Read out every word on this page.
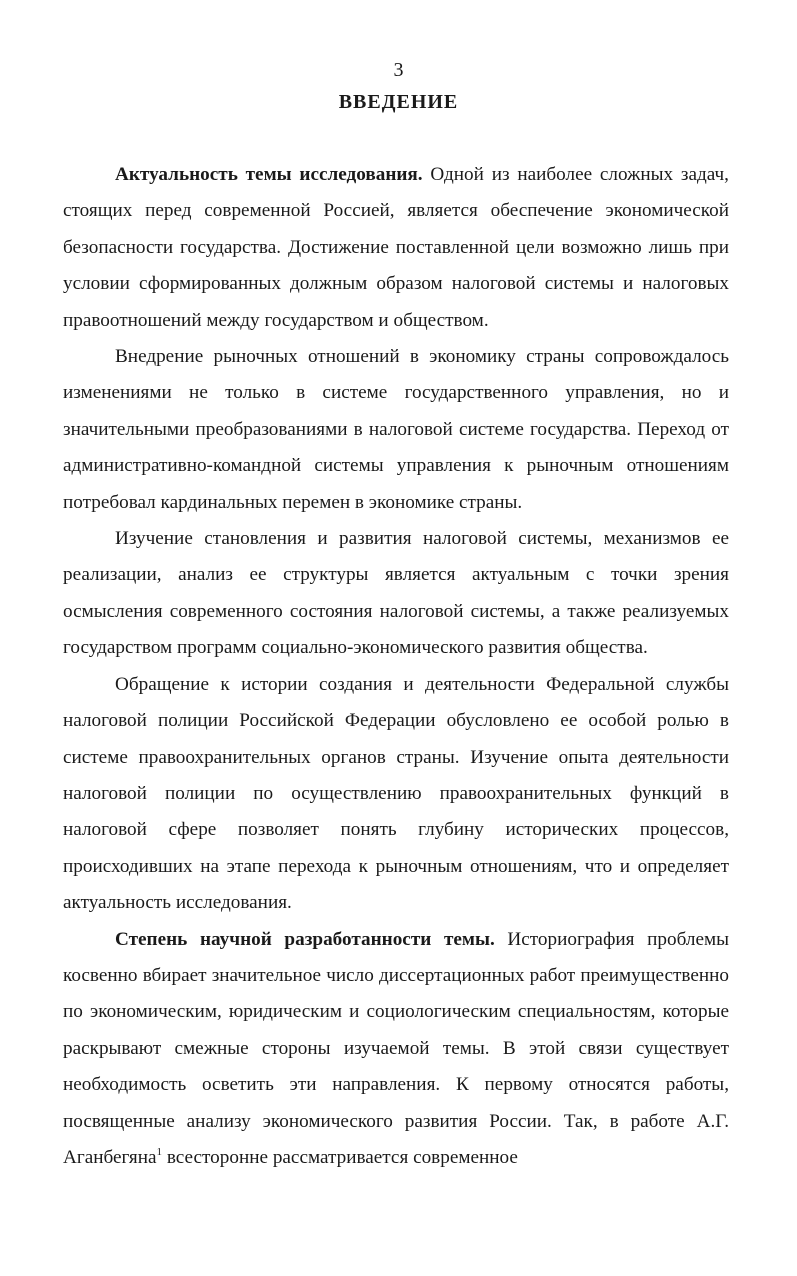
3
ВВЕДЕНИЕ

Актуальность темы исследования. Одной из наиболее сложных задач, стоящих перед современной Россией, является обеспечение экономической безопасности государства. Достижение поставленной цели возможно лишь при условии сформированных должным образом налоговой системы и налоговых правоотношений между государством и обществом.

Внедрение рыночных отношений в экономику страны сопровождалось изменениями не только в системе государственного управления, но и значительными преобразованиями в налоговой системе государства. Переход от административно-командной системы управления к рыночным отношениям потребовал кардинальных перемен в экономике страны.

Изучение становления и развития налоговой системы, механизмов ее реализации, анализ ее структуры является актуальным с точки зрения осмысления современного состояния налоговой системы, а также реализуемых государством программ социально-экономического развития общества.

Обращение к истории создания и деятельности Федеральной службы налоговой полиции Российской Федерации обусловлено ее особой ролью в системе правоохранительных органов страны. Изучение опыта деятельности налоговой полиции по осуществлению правоохранительных функций в налоговой сфере позволяет понять глубину исторических процессов, происходивших на этапе перехода к рыночным отношениям, что и определяет актуальность исследования.

Степень научной разработанности темы. Историография проблемы косвенно вбирает значительное число диссертационных работ преимущественно по экономическим, юридическим и социологическим специальностям, которые раскрывают смежные стороны изучаемой темы. В этой связи существует необходимость осветить эти направления. К первому относятся работы, посвященные анализу экономического развития России. Так, в работе А.Г. Аганбегяна$^1$ всесторонне рассматривается современное
